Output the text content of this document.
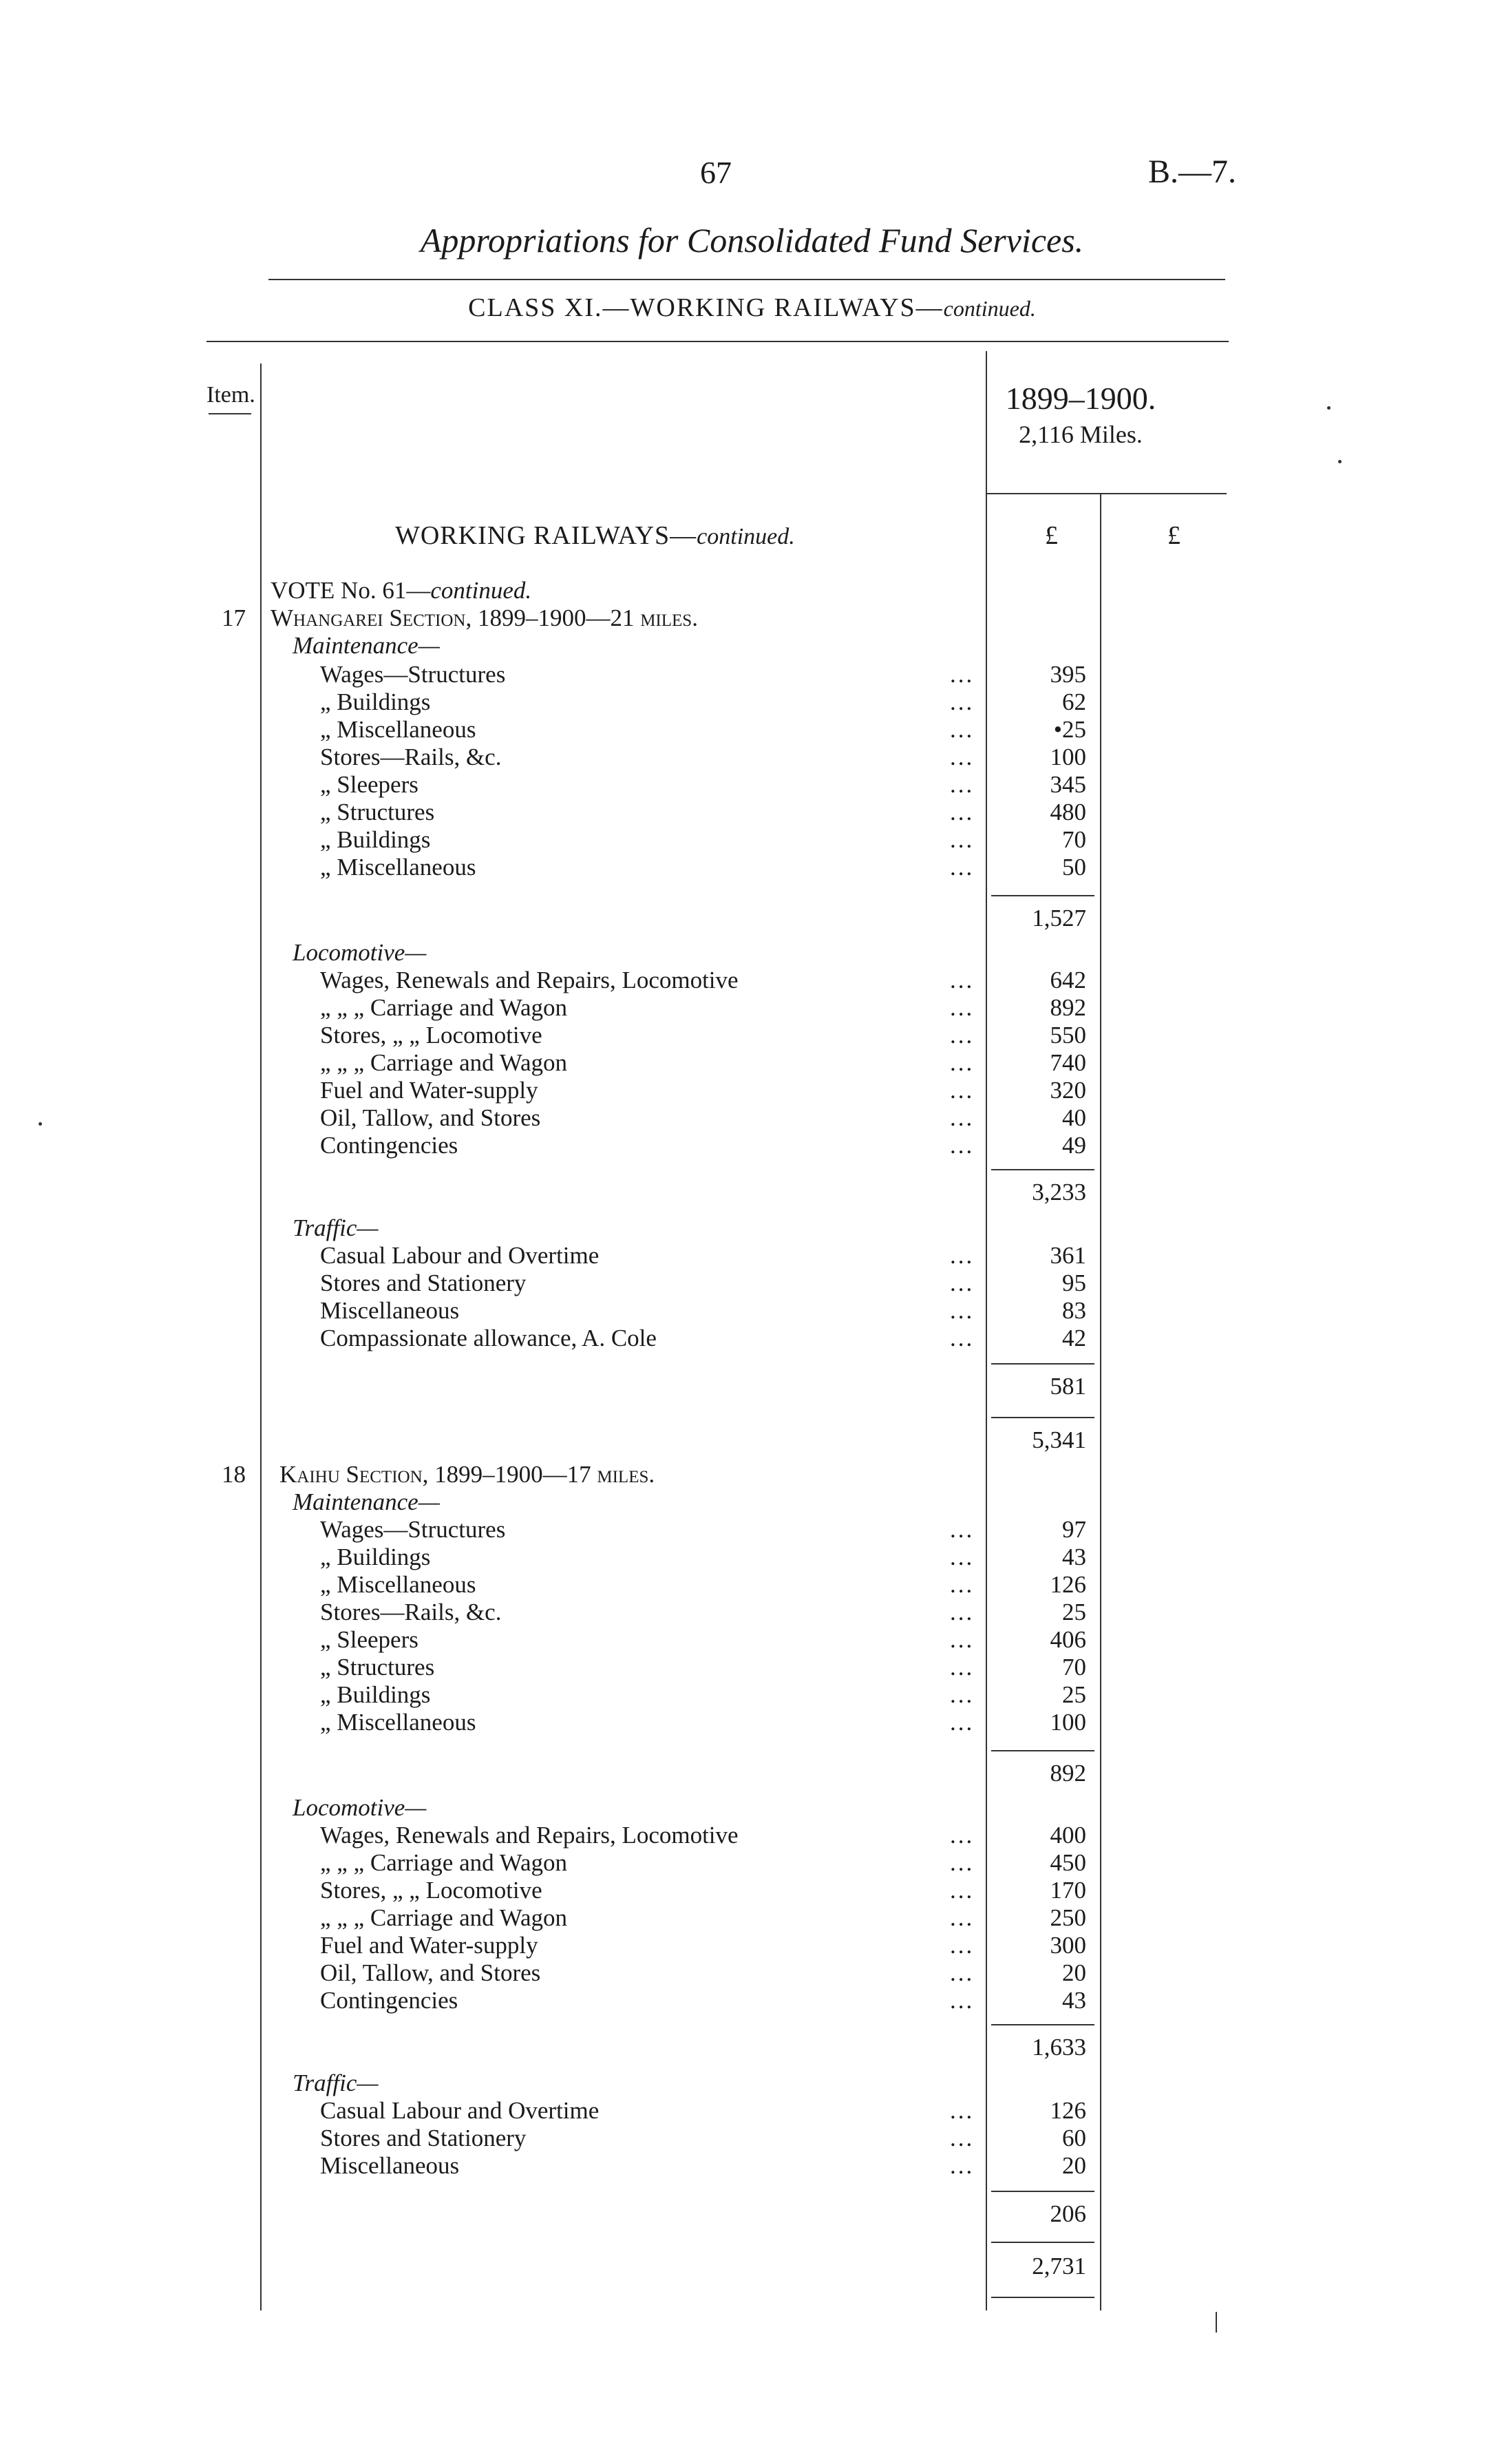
67	B.—7.
Appropriations for Consolidated Fund Services.
CLASS XI.—WORKING RAILWAYS—continued.
Item.	1899–1900.
2,116 Miles.
£	£
WORKING RAILWAYS—continued.
VOTE No. 61—continued.
17 Whangarei Section, 1899–1900—21 miles.
Maintenance—
Wages—Structures	...	395
„ Buildings	...	62
„ Miscellaneous	...	•25
Stores—Rails, &c.	...	100
„ Sleepers	...	345
„ Structures	...	480
„ Buildings	...	70
„ Miscellaneous	...	50
1,527
Locomotive—
Wages, Renewals and Repairs, Locomotive	...	642
„ „ „ Carriage and Wagon	...	892
Stores, „ „ Locomotive	...	550
„ „ „ Carriage and Wagon	...	740
Fuel and Water-supply	...	320
Oil, Tallow, and Stores	...	40
Contingencies	...	49
3,233
Traffic—
Casual Labour and Overtime	...	361
Stores and Stationery	...	95
Miscellaneous	...	83
Compassionate allowance, A. Cole	...	42
581
5,341
18 Kaihu Section, 1899–1900—17 miles.
Maintenance—
Wages—Structures	...	97
„ Buildings	...	43
„ Miscellaneous	...	126
Stores—Rails, &c.	...	25
„ Sleepers	...	406
„ Structures	...	70
„ Buildings	...	25
„ Miscellaneous	...	100
892
Locomotive—
Wages, Renewals and Repairs, Locomotive	...	400
„ „ „ Carriage and Wagon	...	450
Stores, „ „ Locomotive	...	170
„ „ „ Carriage and Wagon	...	250
Fuel and Water-supply	...	300
Oil, Tallow, and Stores	...	20
Contingencies	...	43
1,633
Traffic—
Casual Labour and Overtime	...	126
Stores and Stationery	...	60
Miscellaneous	...	20
206
2,731
